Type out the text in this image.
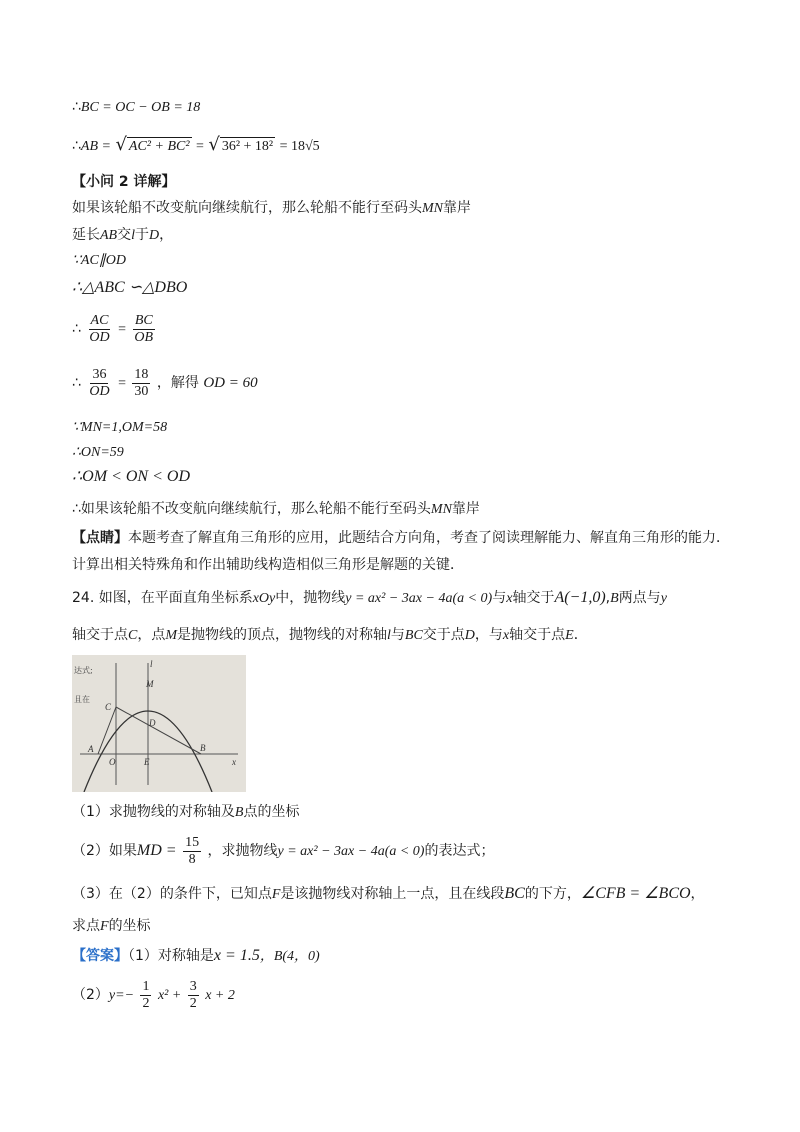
∴BC = OC − OB = 18
∴AB = √ AC² + BC² = √ 36² + 18² = 18√5
【小问 2 详解】
如果该轮船不改变航向继续航行，那么轮船不能行至码头MN靠岸
延长AB交l于D，
∵AC∥OD
∴△ABC ∽△DBO
∴ $\frac{AC}{OD} = \frac{BC}{OB}$
∴ $\frac{36}{OD} = \frac{18}{30}$ ，解得 OD = 60
∵MN=1,OM=58
∴ON=59
∴OM < ON < OD
∴如果该轮船不改变航向继续航行，那么轮船不能行至码头MN靠岸
【点睛】本题考查了解直角三角形的应用，此题结合方向角，考查了阅读理解能力、解直角三角形的能力．
计算出相关特殊角和作出辅助线构造相似三角形是解题的关键．
24. 如图，在平面直角坐标系xOy中，抛物线y = ax² − 3ax − 4a(a < 0)与x轴交于A(−1,0),B两点与y
轴交于点C，点M是抛物线的顶点，抛物线的对称轴l与BC交于点D，与x轴交于点E．
达式;
且在
l
M
C
D
A
O	E
B
x
（1）求抛物线的对称轴及B点的坐标
（2）如果MD = $\frac{15}{8}$ ，求抛物线y = ax² − 3ax − 4a(a < 0)的表达式；
（3）在（2）的条件下，已知点F是该抛物线对称轴上一点，且在线段BC的下方，∠CFB = ∠BCO，
求点F的坐标
【答案】（1）对称轴是x = 1.5，B(4，0)
$(2)y=- \frac{1}{2} x^2 + \frac{3}{2}$ x + 2
